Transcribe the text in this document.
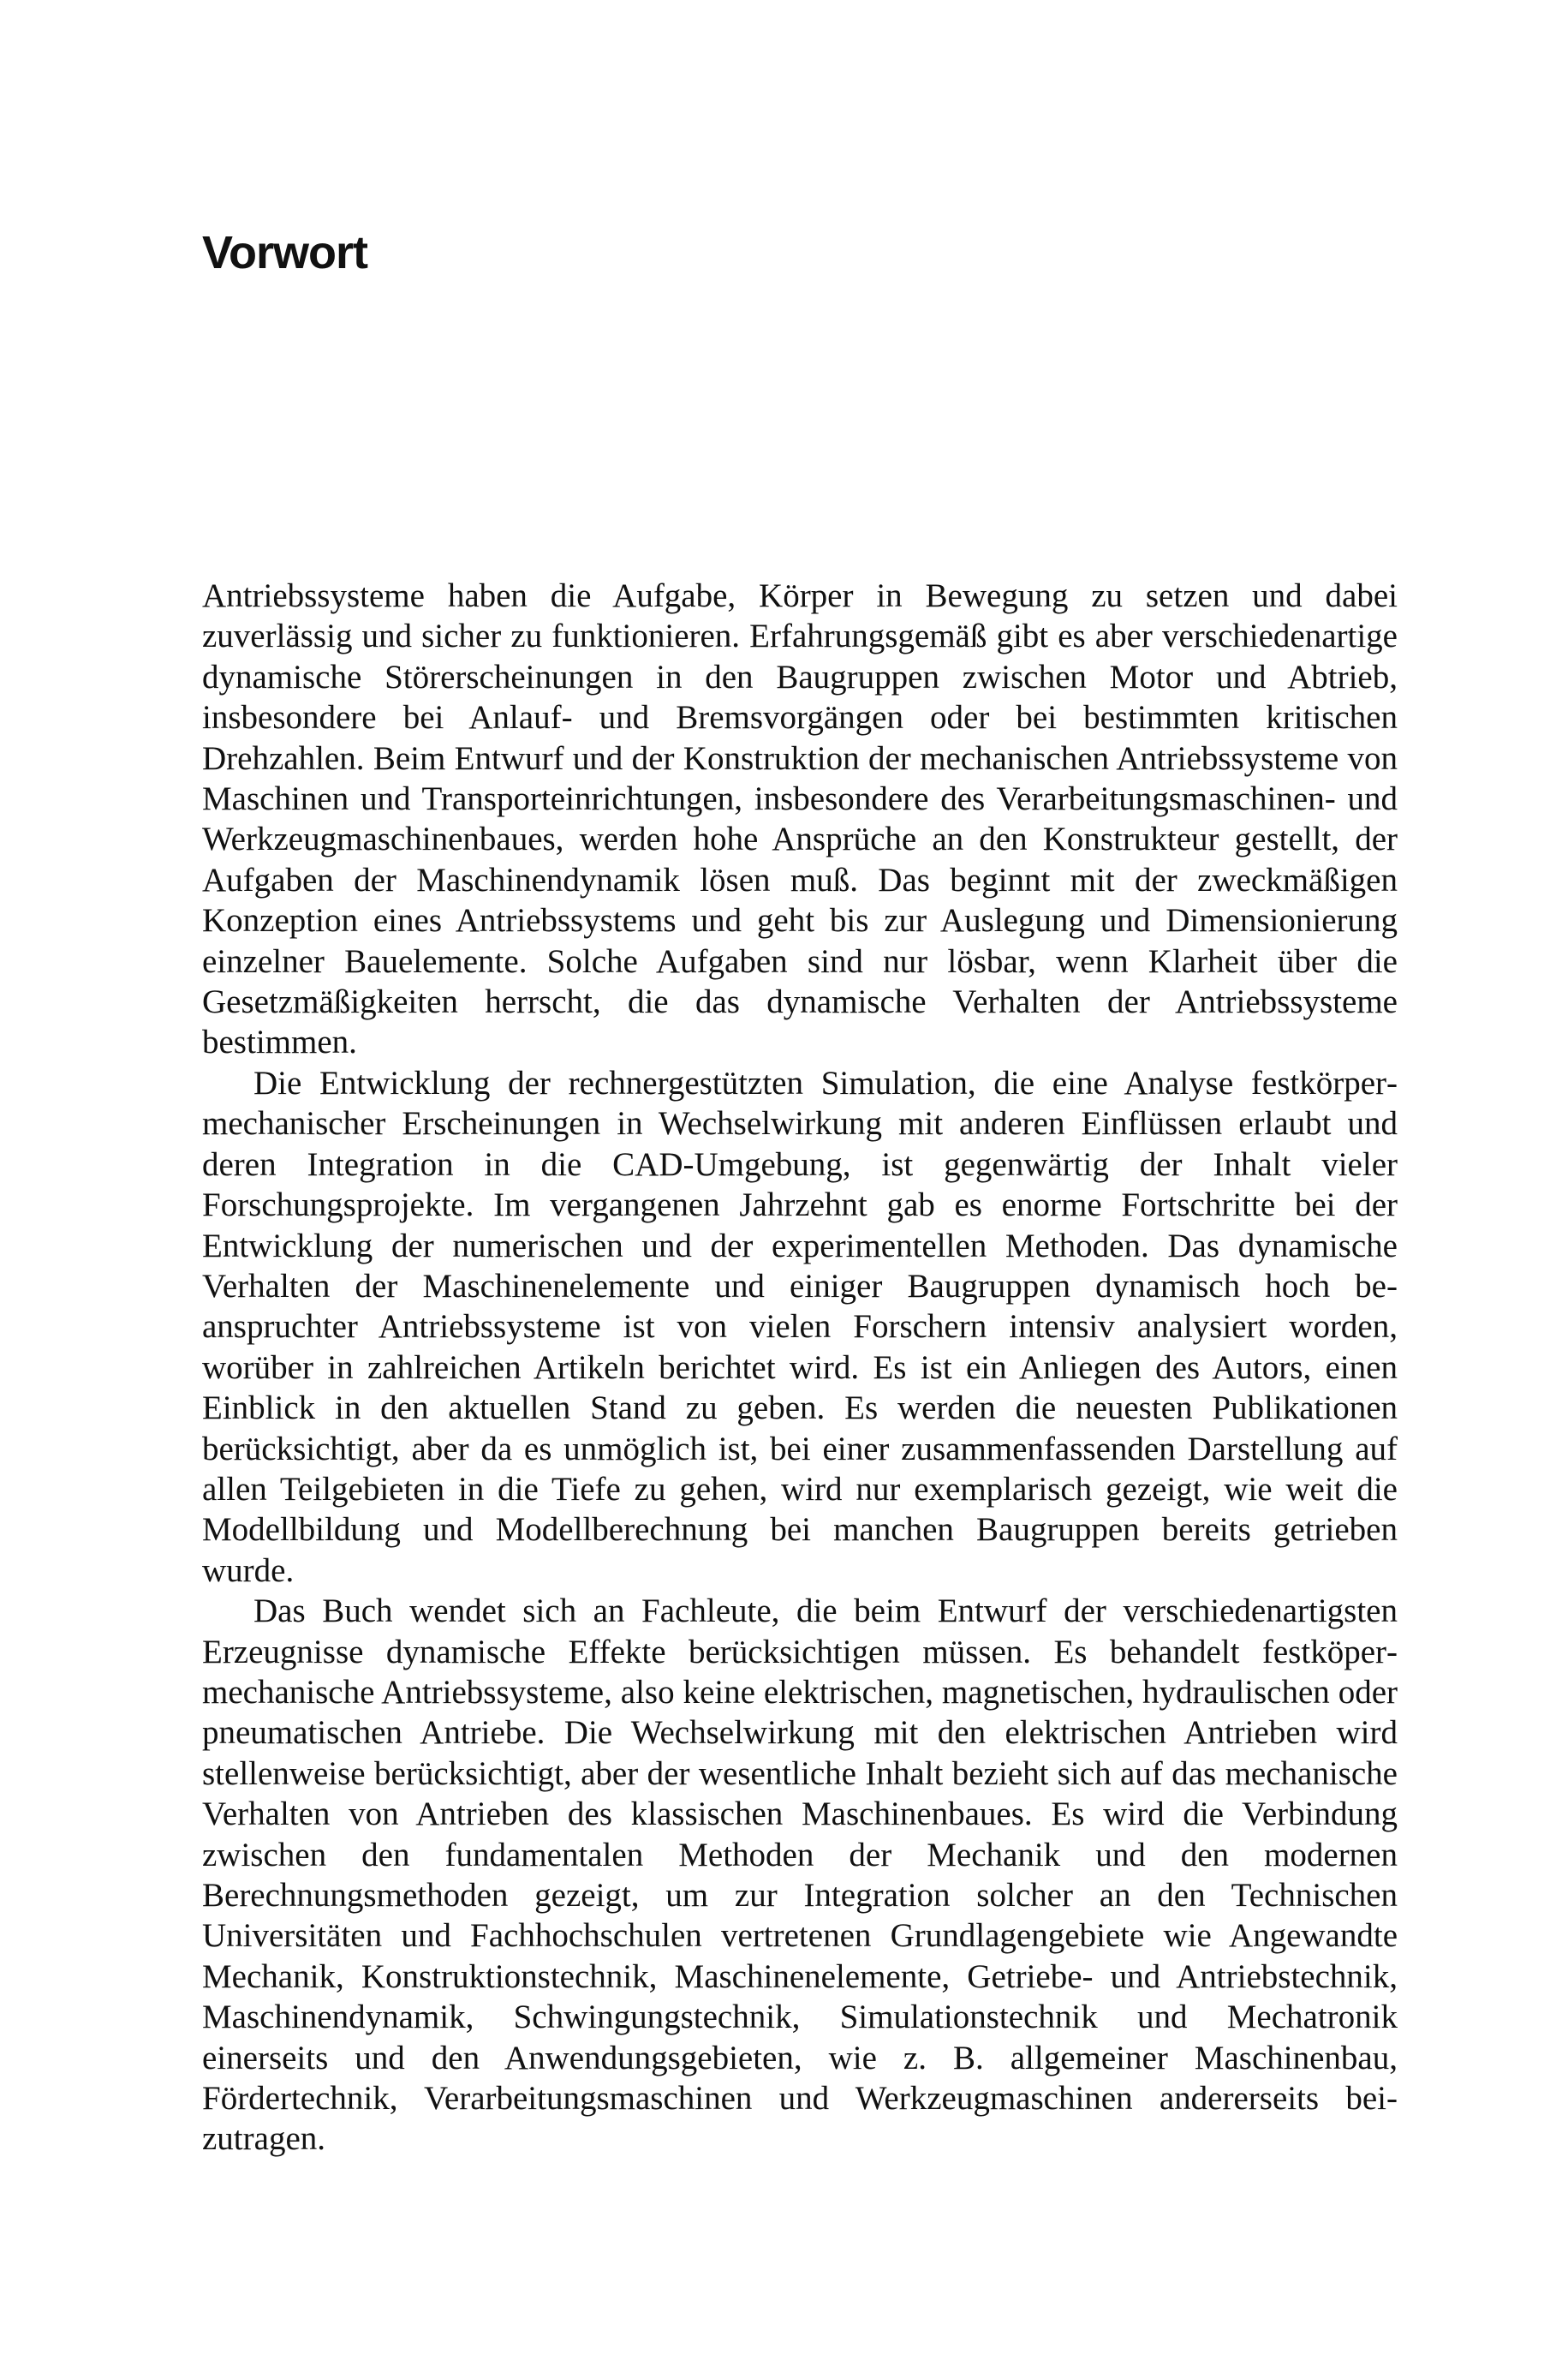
Vorwort

Antriebssysteme haben die Aufgabe, Körper in Bewegung zu setzen und dabei zuverlässig und sicher zu funktionieren. Erfahrungsgemäß gibt es aber verschiedenartige dynamische Störerscheinungen in den Baugruppen zwischen Motor und Abtrieb, insbesondere bei Anlauf- und Bremsvorgängen oder bei bestimmten kritischen Drehzahlen. Beim Entwurf und der Konstruktion der mechanischen Antriebssysteme von Maschinen und Transporteinrichtungen, insbesondere des Verarbeitungsmaschinen- und Werkzeugmaschinenbaues, werden hohe Ansprüche an den Konstrukteur gestellt, der Aufgaben der Maschinendynamik lösen muß. Das beginnt mit der zweckmäßigen Konzeption eines Antriebssystems und geht bis zur Auslegung und Dimensionierung einzelner Bauelemente. Solche Aufgaben sind nur lösbar, wenn Klarheit über die Gesetzmäßigkeiten herrscht, die das dynamische Verhalten der Antriebssysteme bestimmen.

Die Entwicklung der rechnergestützten Simulation, die eine Analyse festkörpermechanischer Erscheinungen in Wechselwirkung mit anderen Einflüssen erlaubt und deren Integration in die CAD-Umgebung, ist gegenwärtig der Inhalt vieler Forschungsprojekte. Im vergangenen Jahrzehnt gab es enorme Fortschritte bei der Entwicklung der numerischen und der experimentellen Methoden. Das dynamische Verhalten der Maschinenelemente und einiger Baugruppen dynamisch hoch beanspruchter Antriebssysteme ist von vielen Forschern intensiv analysiert worden, worüber in zahlreichen Artikeln berichtet wird. Es ist ein Anliegen des Autors, einen Einblick in den aktuellen Stand zu geben. Es werden die neuesten Publikationen berücksichtigt, aber da es unmöglich ist, bei einer zusammenfassenden Darstellung auf allen Teilgebieten in die Tiefe zu gehen, wird nur exemplarisch gezeigt, wie weit die Modellbildung und Modellberechnung bei manchen Baugruppen bereits getrieben wurde.

Das Buch wendet sich an Fachleute, die beim Entwurf der verschiedenartigsten Erzeugnisse dynamische Effekte berücksichtigen müssen. Es behandelt festköpermechanische Antriebssysteme, also keine elektrischen, magnetischen, hydraulischen oder pneumatischen Antriebe. Die Wechselwirkung mit den elektrischen Antrieben wird stellenweise berücksichtigt, aber der wesentliche Inhalt bezieht sich auf das mechanische Verhalten von Antrieben des klassischen Maschinenbaues. Es wird die Verbindung zwischen den fundamentalen Methoden der Mechanik und den modernen Berechnungsmethoden gezeigt, um zur Integration solcher an den Technischen Universitäten und Fachhochschulen vertretenen Grundlagengebiete wie Angewandte Mechanik, Konstruktionstechnik, Maschinenelemente, Getriebe- und Antriebstechnik, Maschinendynamik, Schwingungstechnik, Simulationstechnik und Mechatronik einerseits und den Anwendungsgebieten, wie z. B. allgemeiner Maschinenbau, Fördertechnik, Verarbeitungsmaschinen und Werkzeugmaschinen andererseits beizutragen.
